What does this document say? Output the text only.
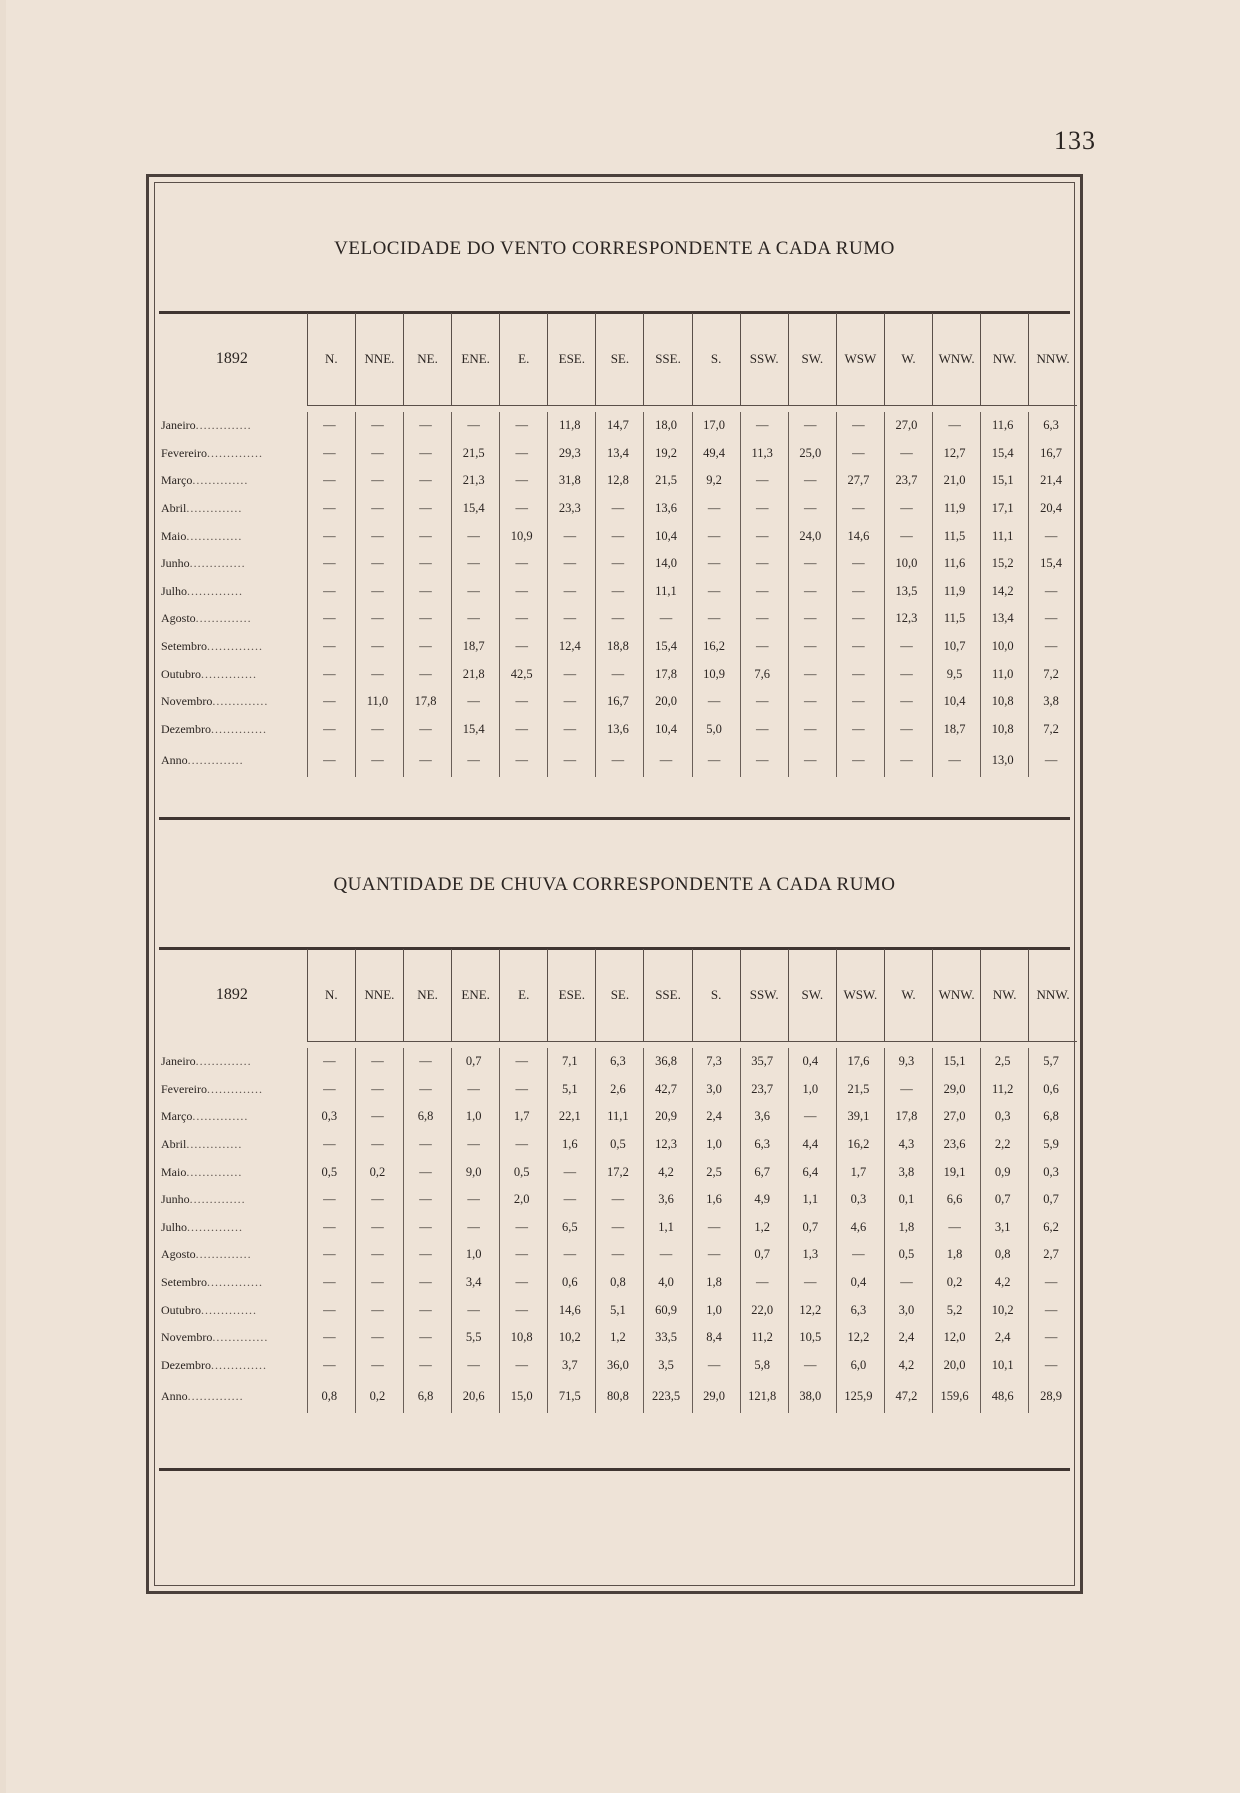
133
VELOCIDADE DO VENTO CORRESPONDENTE A CADA RUMO
1892	N.	NNE.	NE.	ENE.	E.	ESE.	SE.	SSE.	S.	SSW.	SW.	WSW	W.	WNW.	NW.	NNW.

Janeiro..............	—	—	—	—	—	11,8	14,7	18,0	17,0	—	—	—	27,0	—	11,6	6,3
Fevereiro..............	—	—	—	21,5	—	29,3	13,4	19,2	49,4	11,3	25,0	—	—	12,7	15,4	16,7
Março..............	—	—	—	21,3	—	31,8	12,8	21,5	9,2	—	—	27,7	23,7	21,0	15,1	21,4
Abril..............	—	—	—	15,4	—	23,3	—	13,6	—	—	—	—	—	11,9	17,1	20,4
Maio..............	—	—	—	—	10,9	—	—	10,4	—	—	24,0	14,6	—	11,5	11,1	—
Junho..............	—	—	—	—	—	—	—	14,0	—	—	—	—	10,0	11,6	15,2	15,4
Julho..............	—	—	—	—	—	—	—	11,1	—	—	—	—	13,5	11,9	14,2	—
Agosto..............	—	—	—	—	—	—	—	—	—	—	—	—	12,3	11,5	13,4	—
Setembro..............	—	—	—	18,7	—	12,4	18,8	15,4	16,2	—	—	—	—	10,7	10,0	—
Outubro..............	—	—	—	21,8	42,5	—	—	17,8	10,9	7,6	—	—	—	9,5	11,0	7,2
Novembro..............	—	11,0	17,8	—	—	—	16,7	20,0	—	—	—	—	—	10,4	10,8	3,8
Dezembro..............	—	—	—	15,4	—	—	13,6	10,4	5,0	—	—	—	—	18,7	10,8	7,2
Anno..............	—	—	—	—	—	—	—	—	—	—	—	—	—	—	13,0	—
QUANTIDADE DE CHUVA CORRESPONDENTE A CADA RUMO
1892	N.	NNE.	NE.	ENE.	E.	ESE.	SE.	SSE.	S.	SSW.	SW.	WSW.	W.	WNW.	NW.	NNW.

Janeiro..............	—	—	—	0,7	—	7,1	6,3	36,8	7,3	35,7	0,4	17,6	9,3	15,1	2,5	5,7
Fevereiro..............	—	—	—	—	—	5,1	2,6	42,7	3,0	23,7	1,0	21,5	—	29,0	11,2	0,6
Março..............	0,3	—	6,8	1,0	1,7	22,1	11,1	20,9	2,4	3,6	—	39,1	17,8	27,0	0,3	6,8
Abril..............	—	—	—	—	—	1,6	0,5	12,3	1,0	6,3	4,4	16,2	4,3	23,6	2,2	5,9
Maio..............	0,5	0,2	—	9,0	0,5	—	17,2	4,2	2,5	6,7	6,4	1,7	3,8	19,1	0,9	0,3
Junho..............	—	—	—	—	2,0	—	—	3,6	1,6	4,9	1,1	0,3	0,1	6,6	0,7	0,7
Julho..............	—	—	—	—	—	6,5	—	1,1	—	1,2	0,7	4,6	1,8	—	3,1	6,2
Agosto..............	—	—	—	1,0	—	—	—	—	—	0,7	1,3	—	0,5	1,8	0,8	2,7
Setembro..............	—	—	—	3,4	—	0,6	0,8	4,0	1,8	—	—	0,4	—	0,2	4,2	—
Outubro..............	—	—	—	—	—	14,6	5,1	60,9	1,0	22,0	12,2	6,3	3,0	5,2	10,2	—
Novembro..............	—	—	—	5,5	10,8	10,2	1,2	33,5	8,4	11,2	10,5	12,2	2,4	12,0	2,4	—
Dezembro..............	—	—	—	—	—	3,7	36,0	3,5	—	5,8	—	6,0	4,2	20,0	10,1	—
Anno..............	0,8	0,2	6,8	20,6	15,0	71,5	80,8	223,5	29,0	121,8	38,0	125,9	47,2	159,6	48,6	28,9
